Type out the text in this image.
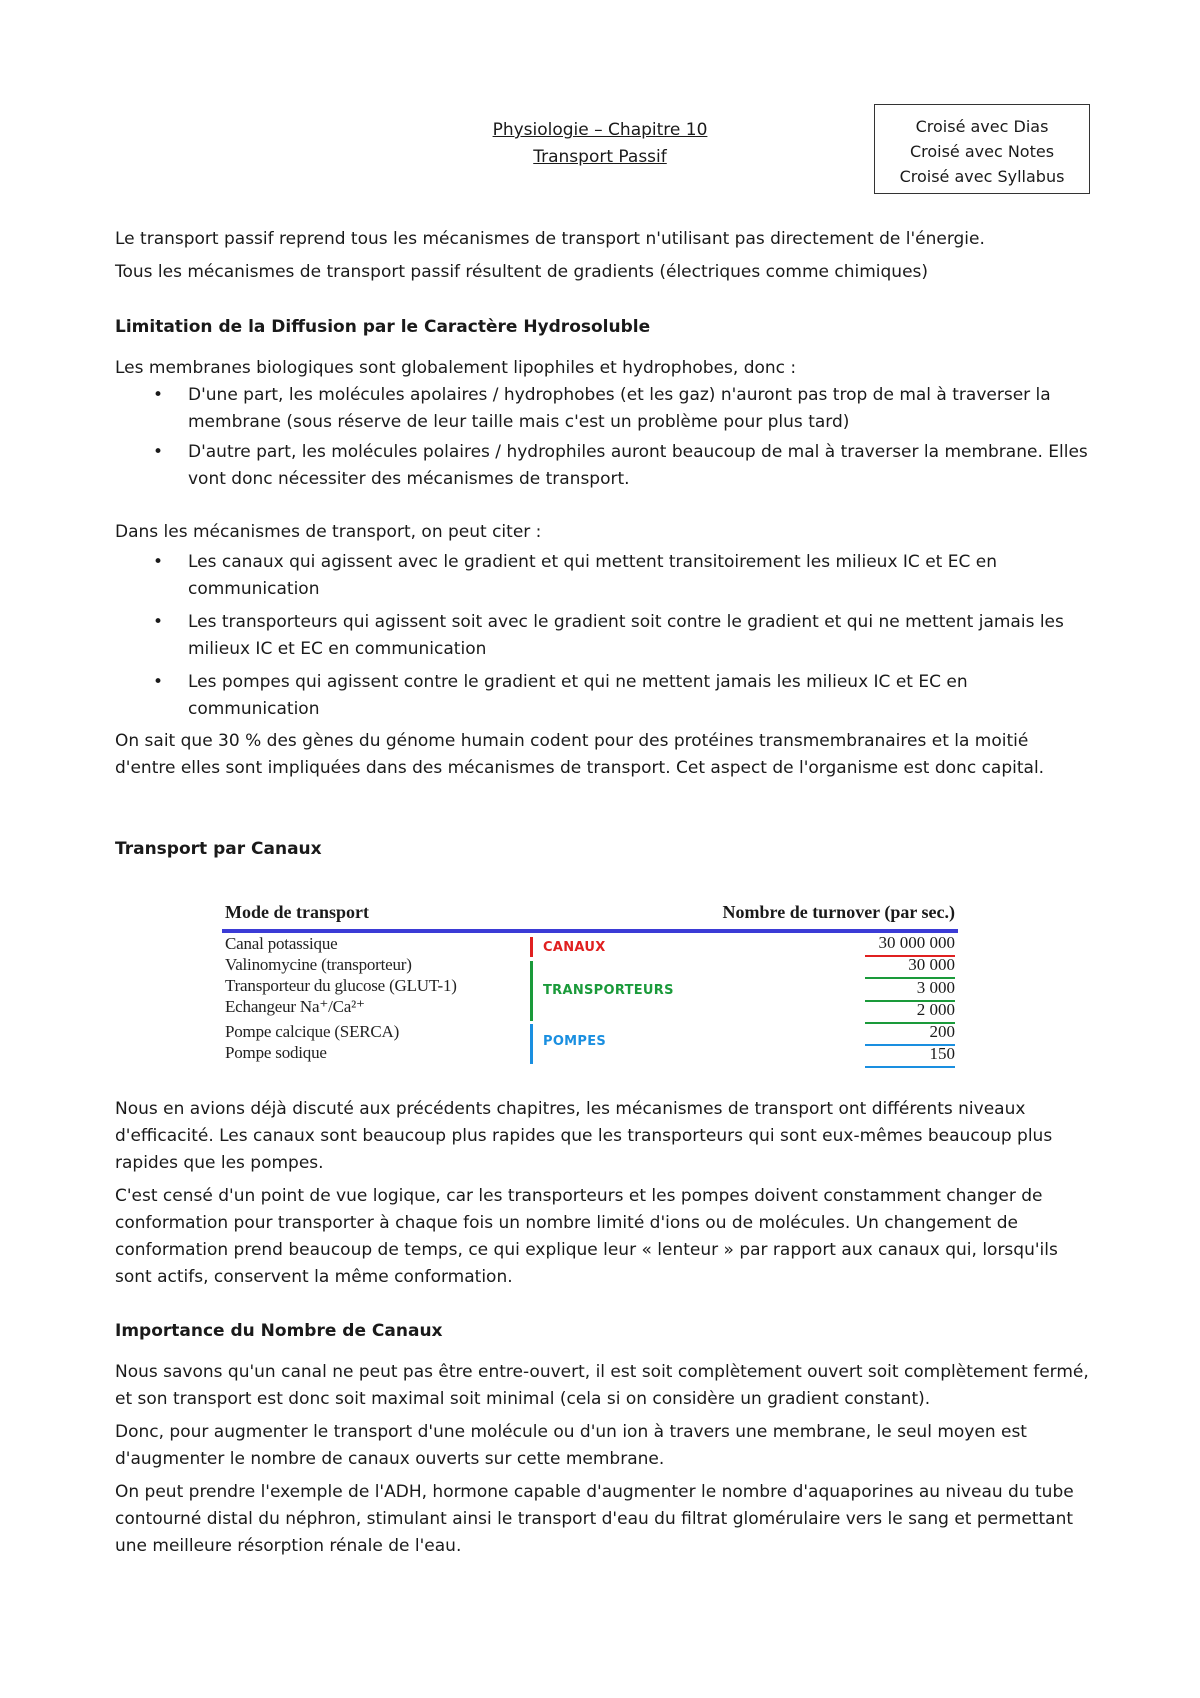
Physiologie – Chapitre 10
Transport Passif
Croisé avec Dias
Croisé avec Notes
Croisé avec Syllabus

Le transport passif reprend tous les mécanismes de transport n'utilisant pas directement de l'énergie.

Tous les mécanismes de transport passif résultent de gradients (électriques comme chimiques)

Limitation de la Diffusion par le Caractère Hydrosoluble

Les membranes biologiques sont globalement lipophiles et hydrophobes, donc :

• D'une part, les molécules apolaires / hydrophobes (et les gaz) n'auront pas trop de mal à traverser la membrane (sous réserve de leur taille mais c'est un problème pour plus tard)
• D'autre part, les molécules polaires / hydrophiles auront beaucoup de mal à traverser la membrane. Elles vont donc nécessiter des mécanismes de transport.

Dans les mécanismes de transport, on peut citer :

• Les canaux qui agissent avec le gradient et qui mettent transitoirement les milieux IC et EC en communication
• Les transporteurs qui agissent soit avec le gradient soit contre le gradient et qui ne mettent jamais les milieux IC et EC en communication
• Les pompes qui agissent contre le gradient et qui ne mettent jamais les milieux IC et EC en communication

On sait que 30 % des gènes du génome humain codent pour des protéines transmembranaires et la moitié d'entre elles sont impliquées dans des mécanismes de transport. Cet aspect de l'organisme est donc capital.

Transport par Canaux

Mode de transport	Nombre de turnover (par sec.)
Canal potassique
Valinomycine (transporteur)
Transporteur du glucose (GLUT-1)
Echangeur Na⁺/Ca²⁺
Pompe calcique (SERCA)
Pompe sodique
30 000 000
30 000
3 000
2 000
200
150
CANAUX
TRANSPORTEURS
POMPES

Nous en avions déjà discuté aux précédents chapitres, les mécanismes de transport ont différents niveaux d'efficacité. Les canaux sont beaucoup plus rapides que les transporteurs qui sont eux-mêmes beaucoup plus rapides que les pompes.

C'est censé d'un point de vue logique, car les transporteurs et les pompes doivent constamment changer de conformation pour transporter à chaque fois un nombre limité d'ions ou de molécules. Un changement de conformation prend beaucoup de temps, ce qui explique leur « lenteur » par rapport aux canaux qui, lorsqu'ils sont actifs, conservent la même conformation.

Importance du Nombre de Canaux

Nous savons qu'un canal ne peut pas être entre-ouvert, il est soit complètement ouvert soit complètement fermé, et son transport est donc soit maximal soit minimal (cela si on considère un gradient constant).

Donc, pour augmenter le transport d'une molécule ou d'un ion à travers une membrane, le seul moyen est d'augmenter le nombre de canaux ouverts sur cette membrane.

On peut prendre l'exemple de l'ADH, hormone capable d'augmenter le nombre d'aquaporines au niveau du tube contourné distal du néphron, stimulant ainsi le transport d'eau du filtrat glomérulaire vers le sang et permettant une meilleure résorption rénale de l'eau.
